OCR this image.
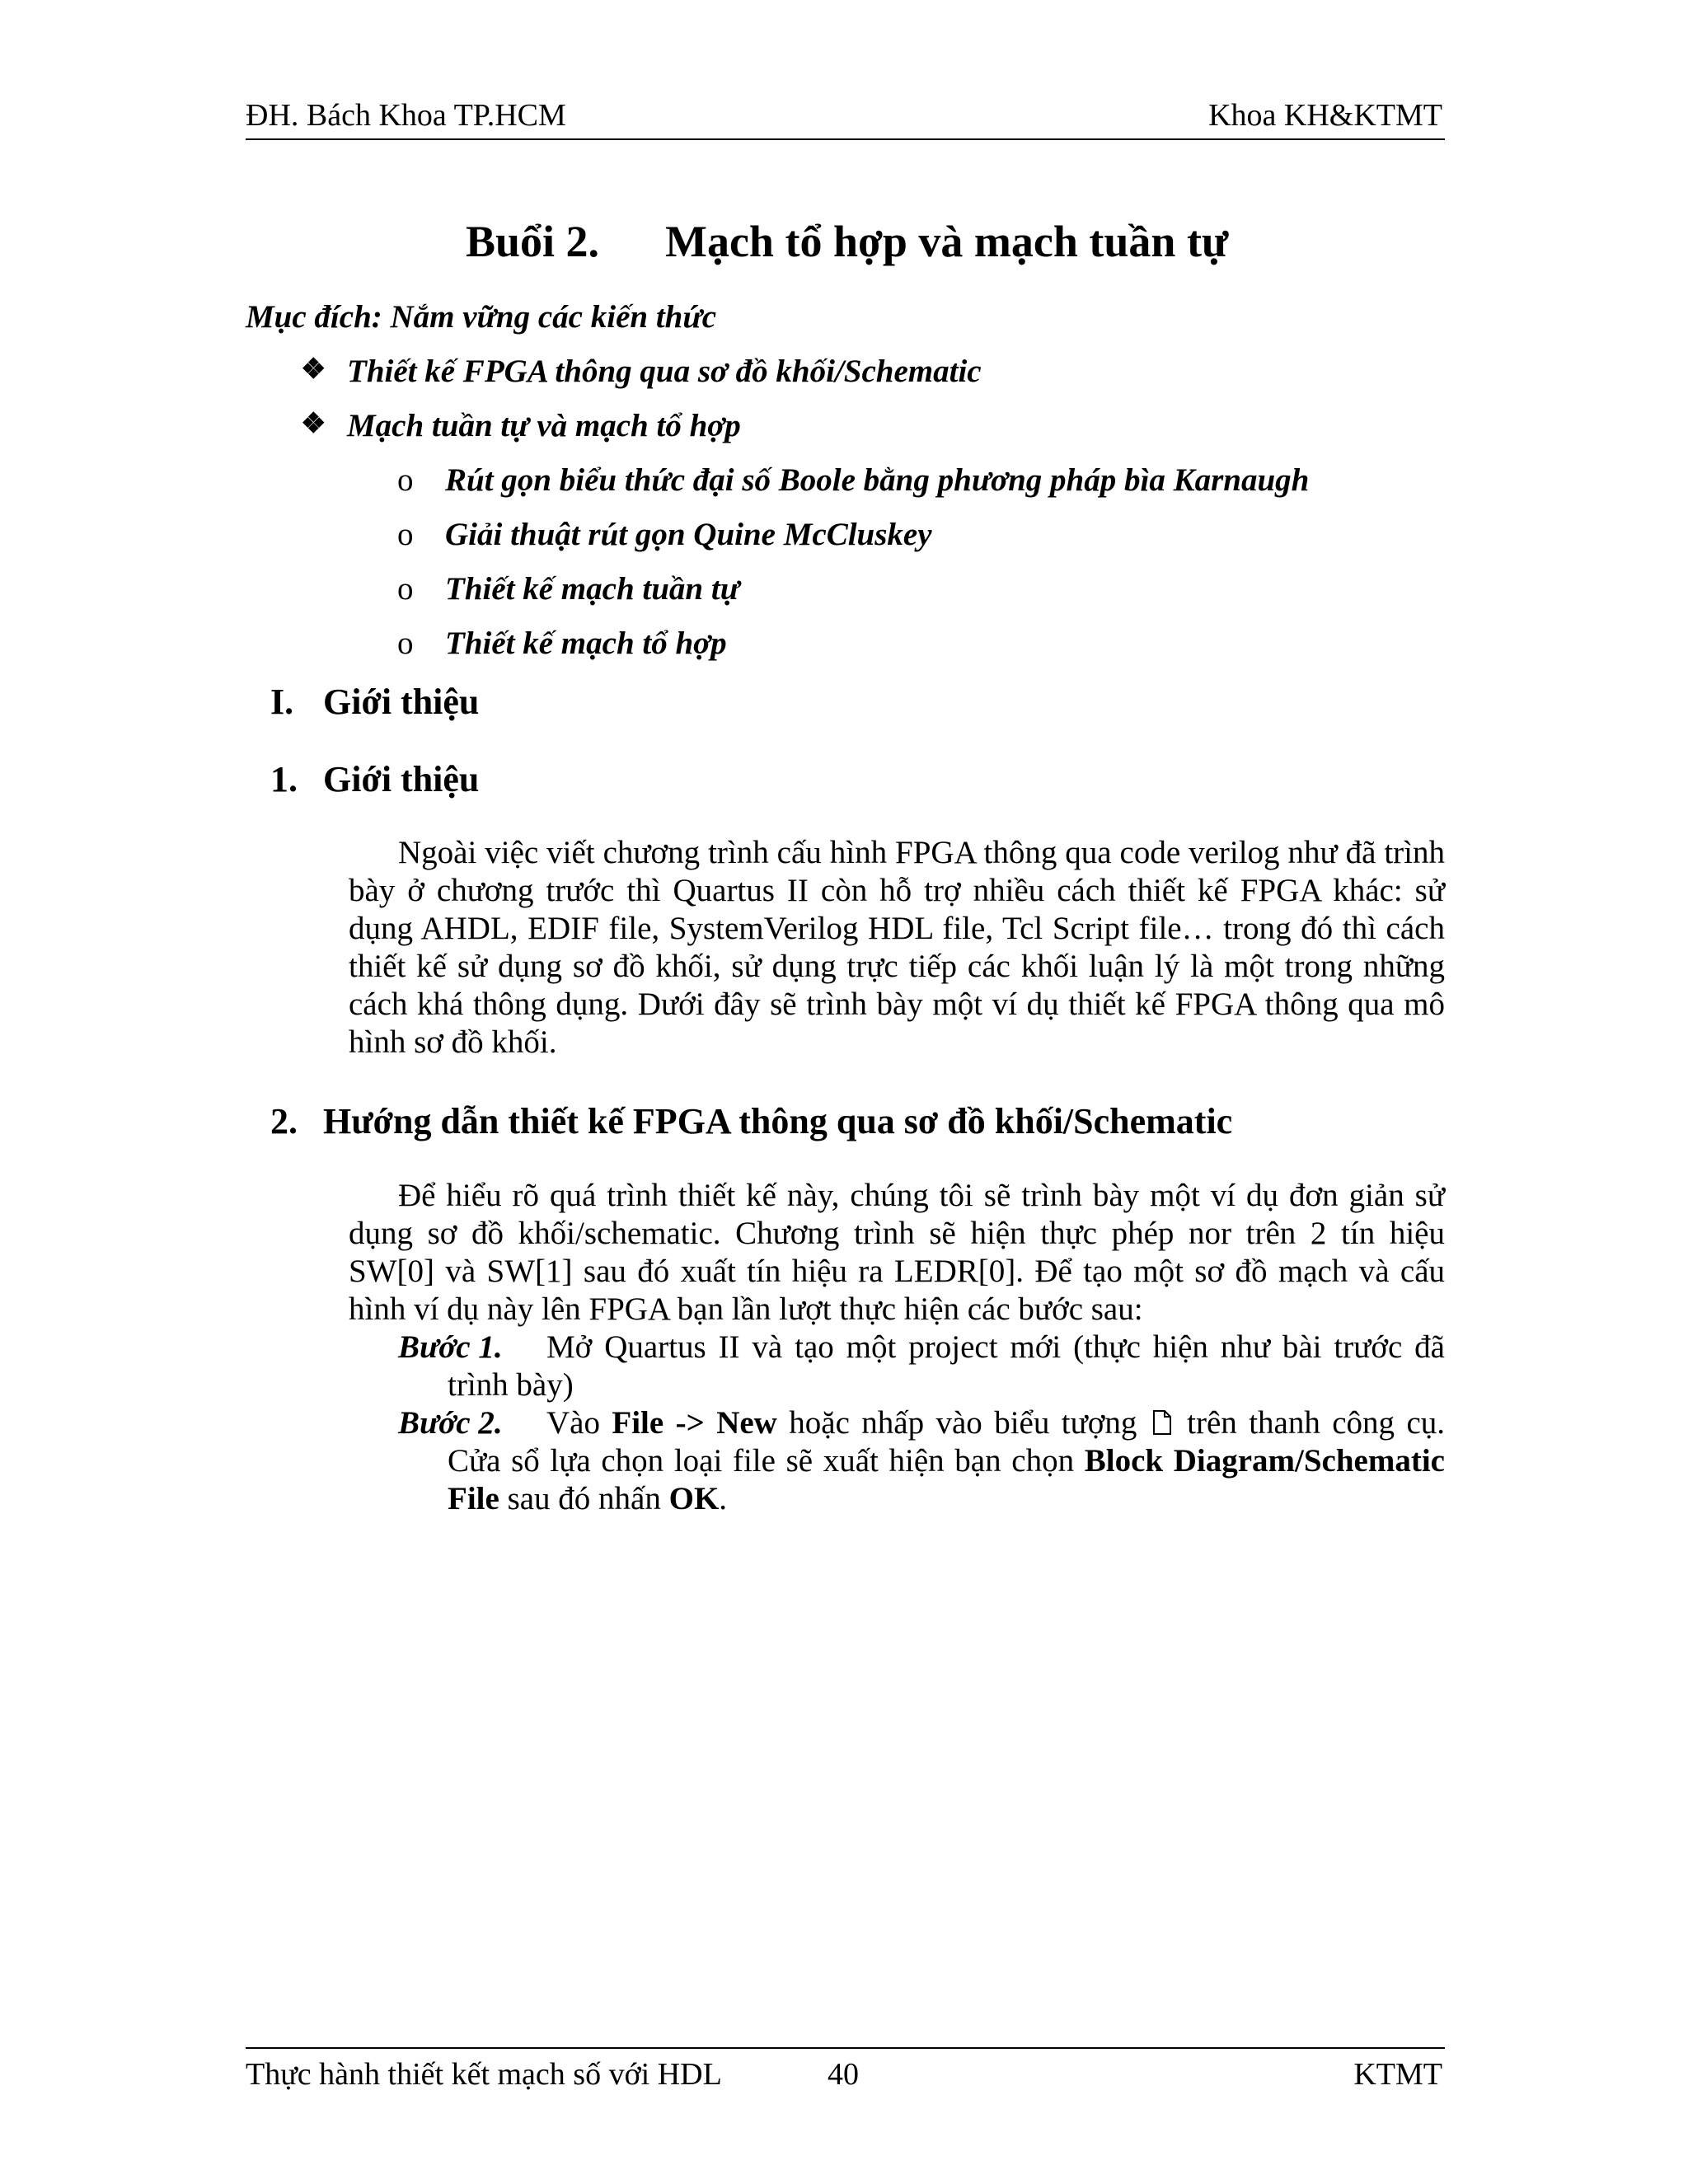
ĐH. Bách Khoa TP.HCM	Khoa KH&KTMT
Buổi 2. Mạch tổ hợp và mạch tuần tự
Mục đích: Nắm vững các kiến thức
❖ Thiết kế FPGA thông qua sơ đồ khối/Schematic
❖ Mạch tuần tự và mạch tổ hợp
o Rút gọn biểu thức đại số Boole bằng phương pháp bìa Karnaugh
o Giải thuật rút gọn Quine McCluskey
o Thiết kế mạch tuần tự
o Thiết kế mạch tổ hợp
I. Giới thiệu
1. Giới thiệu
Ngoài việc viết chương trình cấu hình FPGA thông qua code verilog như đã trình bày ở chương trước thì Quartus II còn hỗ trợ nhiều cách thiết kế FPGA khác: sử dụng AHDL, EDIF file, SystemVerilog HDL file, Tcl Script file… trong đó thì cách thiết kế sử dụng sơ đồ khối, sử dụng trực tiếp các khối luận lý là một trong những cách khá thông dụng. Dưới đây sẽ trình bày một ví dụ thiết kế FPGA thông qua mô hình sơ đồ khối.
2. Hướng dẫn thiết kế FPGA thông qua sơ đồ khối/Schematic
Để hiểu rõ quá trình thiết kế này, chúng tôi sẽ trình bày một ví dụ đơn giản sử dụng sơ đồ khối/schematic. Chương trình sẽ hiện thực phép nor trên 2 tín hiệu SW[0] và SW[1] sau đó xuất tín hiệu ra LEDR[0]. Để tạo một sơ đồ mạch và cấu hình ví dụ này lên FPGA bạn lần lượt thực hiện các bước sau:
Bước 1.	Mở Quartus II và tạo một project mới (thực hiện như bài trước đã trình bày)
Bước 2.	Vào File -> New hoặc nhấp vào biểu tượng
trên thanh công cụ. Cửa sổ lựa chọn loại file sẽ xuất hiện bạn chọn Block Diagram/Schematic File sau đó nhấn OK.
Thực hành thiết kết mạch số với HDL	40	KTMT
